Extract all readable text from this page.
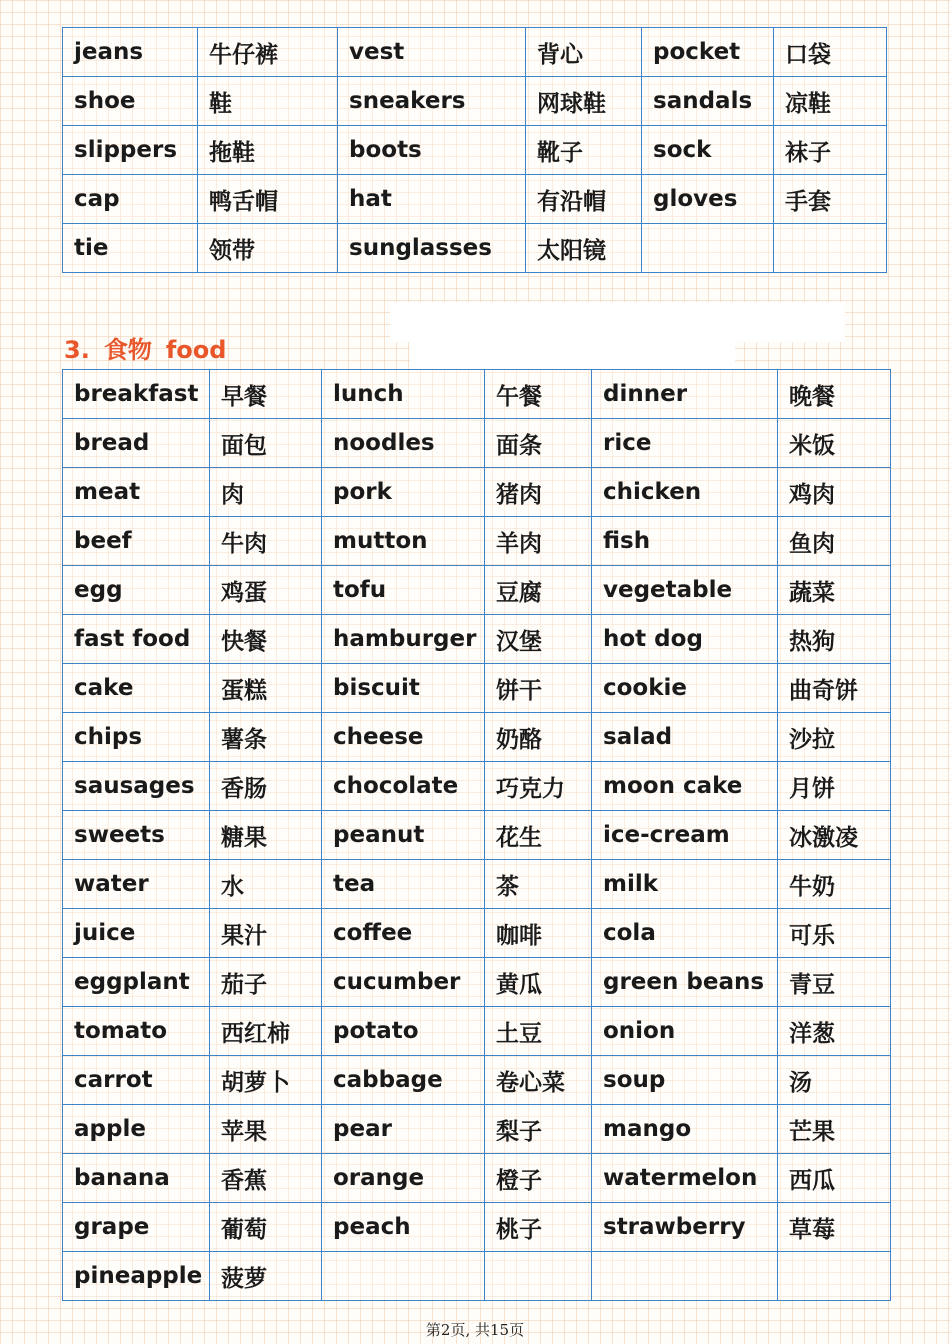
jeans	牛仔裤	vest	背心	pocket	口袋
shoe	鞋	sneakers	网球鞋	sandals	凉鞋
slippers	拖鞋	boots	靴子	sock	袜子
cap	鸭舌帽	hat	有沿帽	gloves	手套
tie	领带	sunglasses	太阳镜		
3. 食物 food
breakfast	早餐	lunch	午餐	dinner	晚餐
bread	面包	noodles	面条	rice	米饭
meat	肉	pork	猪肉	chicken	鸡肉
beef	牛肉	mutton	羊肉	fish	鱼肉
egg	鸡蛋	tofu	豆腐	vegetable	蔬菜
fast food	快餐	hamburger	汉堡	hot dog	热狗
cake	蛋糕	biscuit	饼干	cookie	曲奇饼
chips	薯条	cheese	奶酪	salad	沙拉
sausages	香肠	chocolate	巧克力	moon cake	月饼
sweets	糖果	peanut	花生	ice-cream	冰激凌
water	水	tea	茶	milk	牛奶
juice	果汁	coffee	咖啡	cola	可乐
eggplant	茄子	cucumber	黄瓜	green beans	青豆
tomato	西红柿	potato	土豆	onion	洋葱
carrot	胡萝卜	cabbage	卷心菜	soup	汤
apple	苹果	pear	梨子	mango	芒果
banana	香蕉	orange	橙子	watermelon	西瓜
grape	葡萄	peach	桃子	strawberry	草莓
pineapple	菠萝				
第2页, 共15页
